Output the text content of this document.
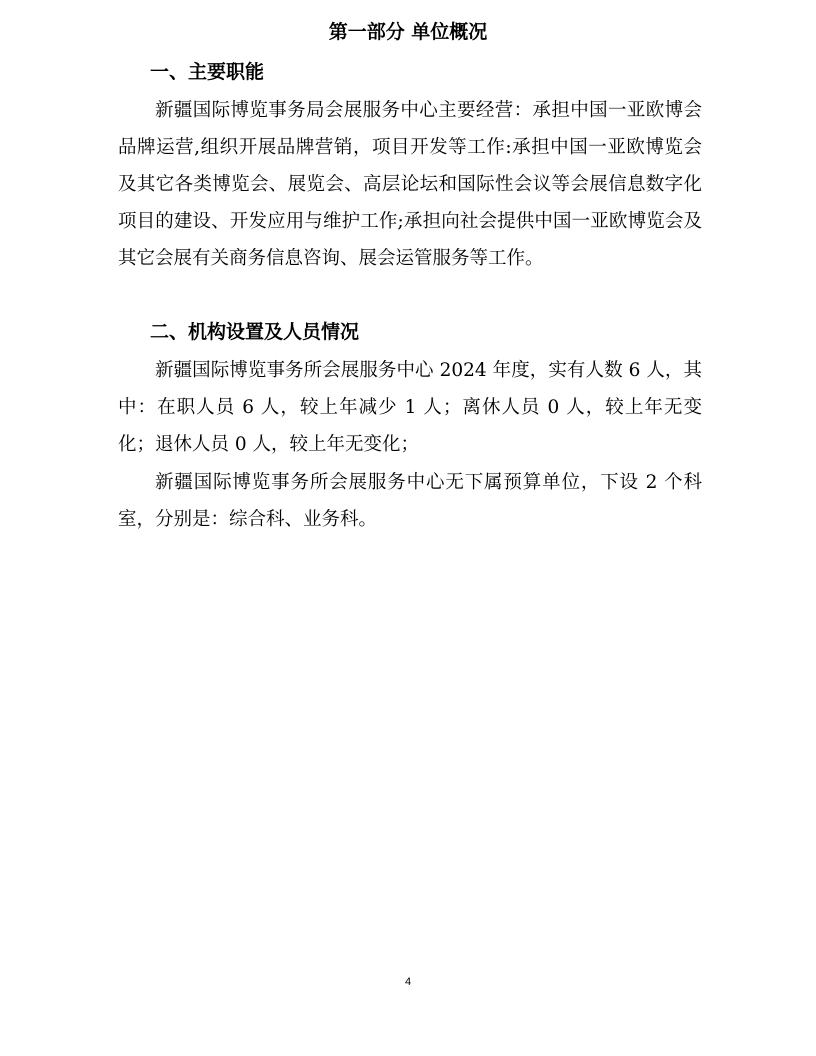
第一部分 单位概况
一、主要职能

新疆国际博览事务局会展服务中心主要经营：承担中国一亚欧博会品牌运营,组织开展品牌营销，项目开发等工作:承担中国一亚欧博览会及其它各类博览会、展览会、高层论坛和国际性会议等会展信息数字化项目的建设、开发应用与维护工作;承担向社会提供中国一亚欧博览会及其它会展有关商务信息咨询、展会运管服务等工作。

二、机构设置及人员情况

新疆国际博览事务所会展服务中心 2024 年度，实有人数 6 人，其中：在职人员 6 人，较上年减少 1 人；离休人员 0 人，较上年无变化；退休人员 0 人，较上年无变化；

新疆国际博览事务所会展服务中心无下属预算单位，下设 2 个科室，分别是：综合科、业务科。

4
